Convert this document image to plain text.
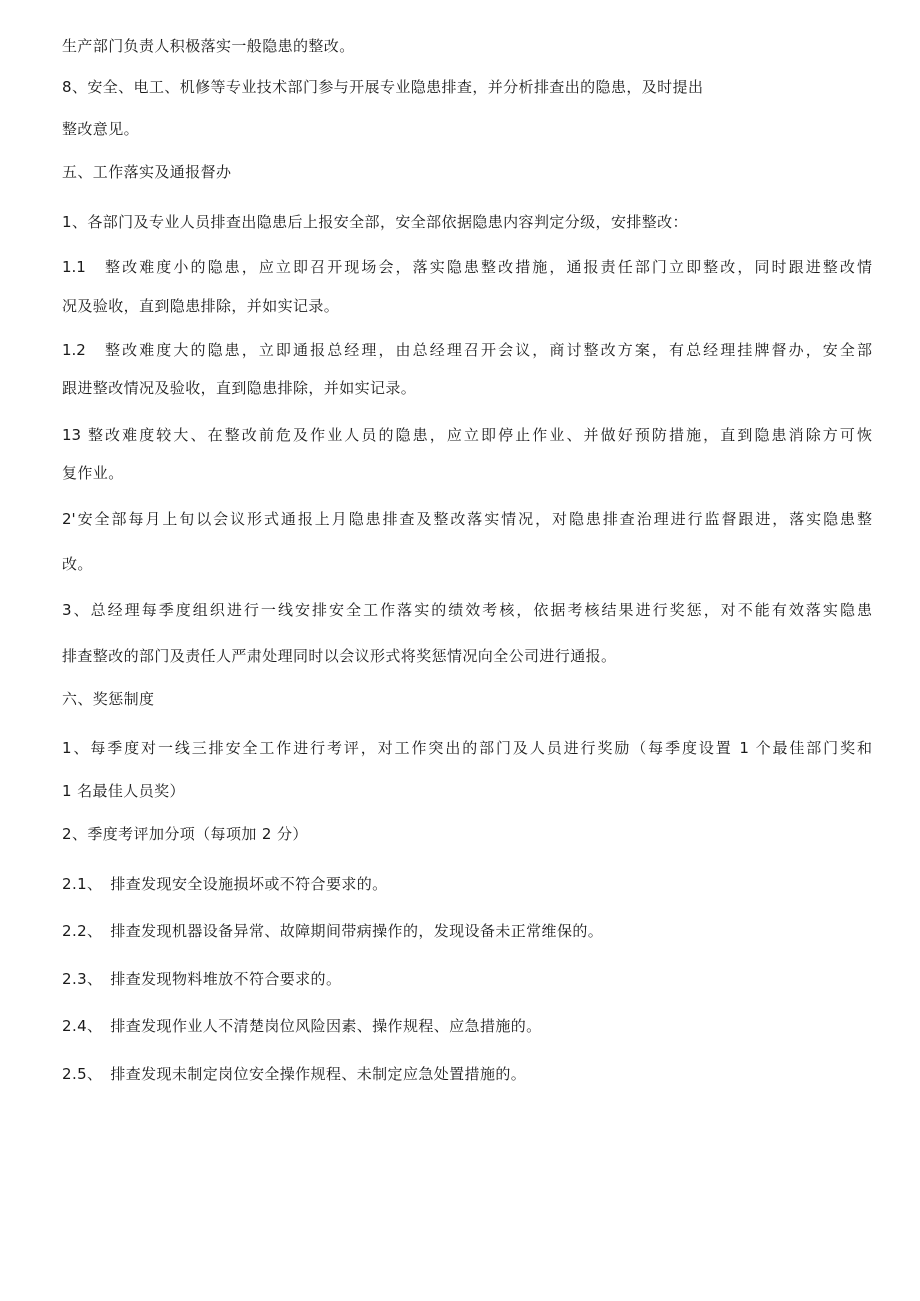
生产部门负责人积极落实一般隐患的整改。
8、安全、电工、机修等专业技术部门参与开展专业隐患排查，并分析排查出的隐患，及时提出
整改意见。
五、工作落实及通报督办
1、各部门及专业人员排查出隐患后上报安全部，安全部依据隐患内容判定分级，安排整改：
1.1　整改难度小的隐患，应立即召开现场会，落实隐患整改措施，通报责任部门立即整改，同时跟进整改情
况及验收，直到隐患排除，并如实记录。
1.2　整改难度大的隐患，立即通报总经理，由总经理召开会议，商讨整改方案，有总经理挂牌督办，安全部
跟进整改情况及验收，直到隐患排除，并如实记录。
13 整改难度较大、在整改前危及作业人员的隐患，应立即停止作业、并做好预防措施，直到隐患消除方可恢
复作业。
2'安全部每月上旬以会议形式通报上月隐患排查及整改落实情况，对隐患排查治理进行监督跟进，落实隐患整
改。
3、总经理每季度组织进行一线安排安全工作落实的绩效考核，依据考核结果进行奖惩，对不能有效落实隐患
排查整改的部门及责任人严肃处理同时以会议形式将奖惩情况向全公司进行通报。
六、奖惩制度
1、每季度对一线三排安全工作进行考评，对工作突出的部门及人员进行奖励（每季度设置 1 个最佳部门奖和
1 名最佳人员奖）
2、季度考评加分项（每项加 2 分）
2.1、　排查发现安全设施损坏或不符合要求的。
2.2、　排查发现机器设备异常、故障期间带病操作的，发现设备未正常维保的。
2.3、　排查发现物料堆放不符合要求的。
2.4、　排查发现作业人不清楚岗位风险因素、操作规程、应急措施的。
2.5、　排查发现未制定岗位安全操作规程、未制定应急处置措施的。
